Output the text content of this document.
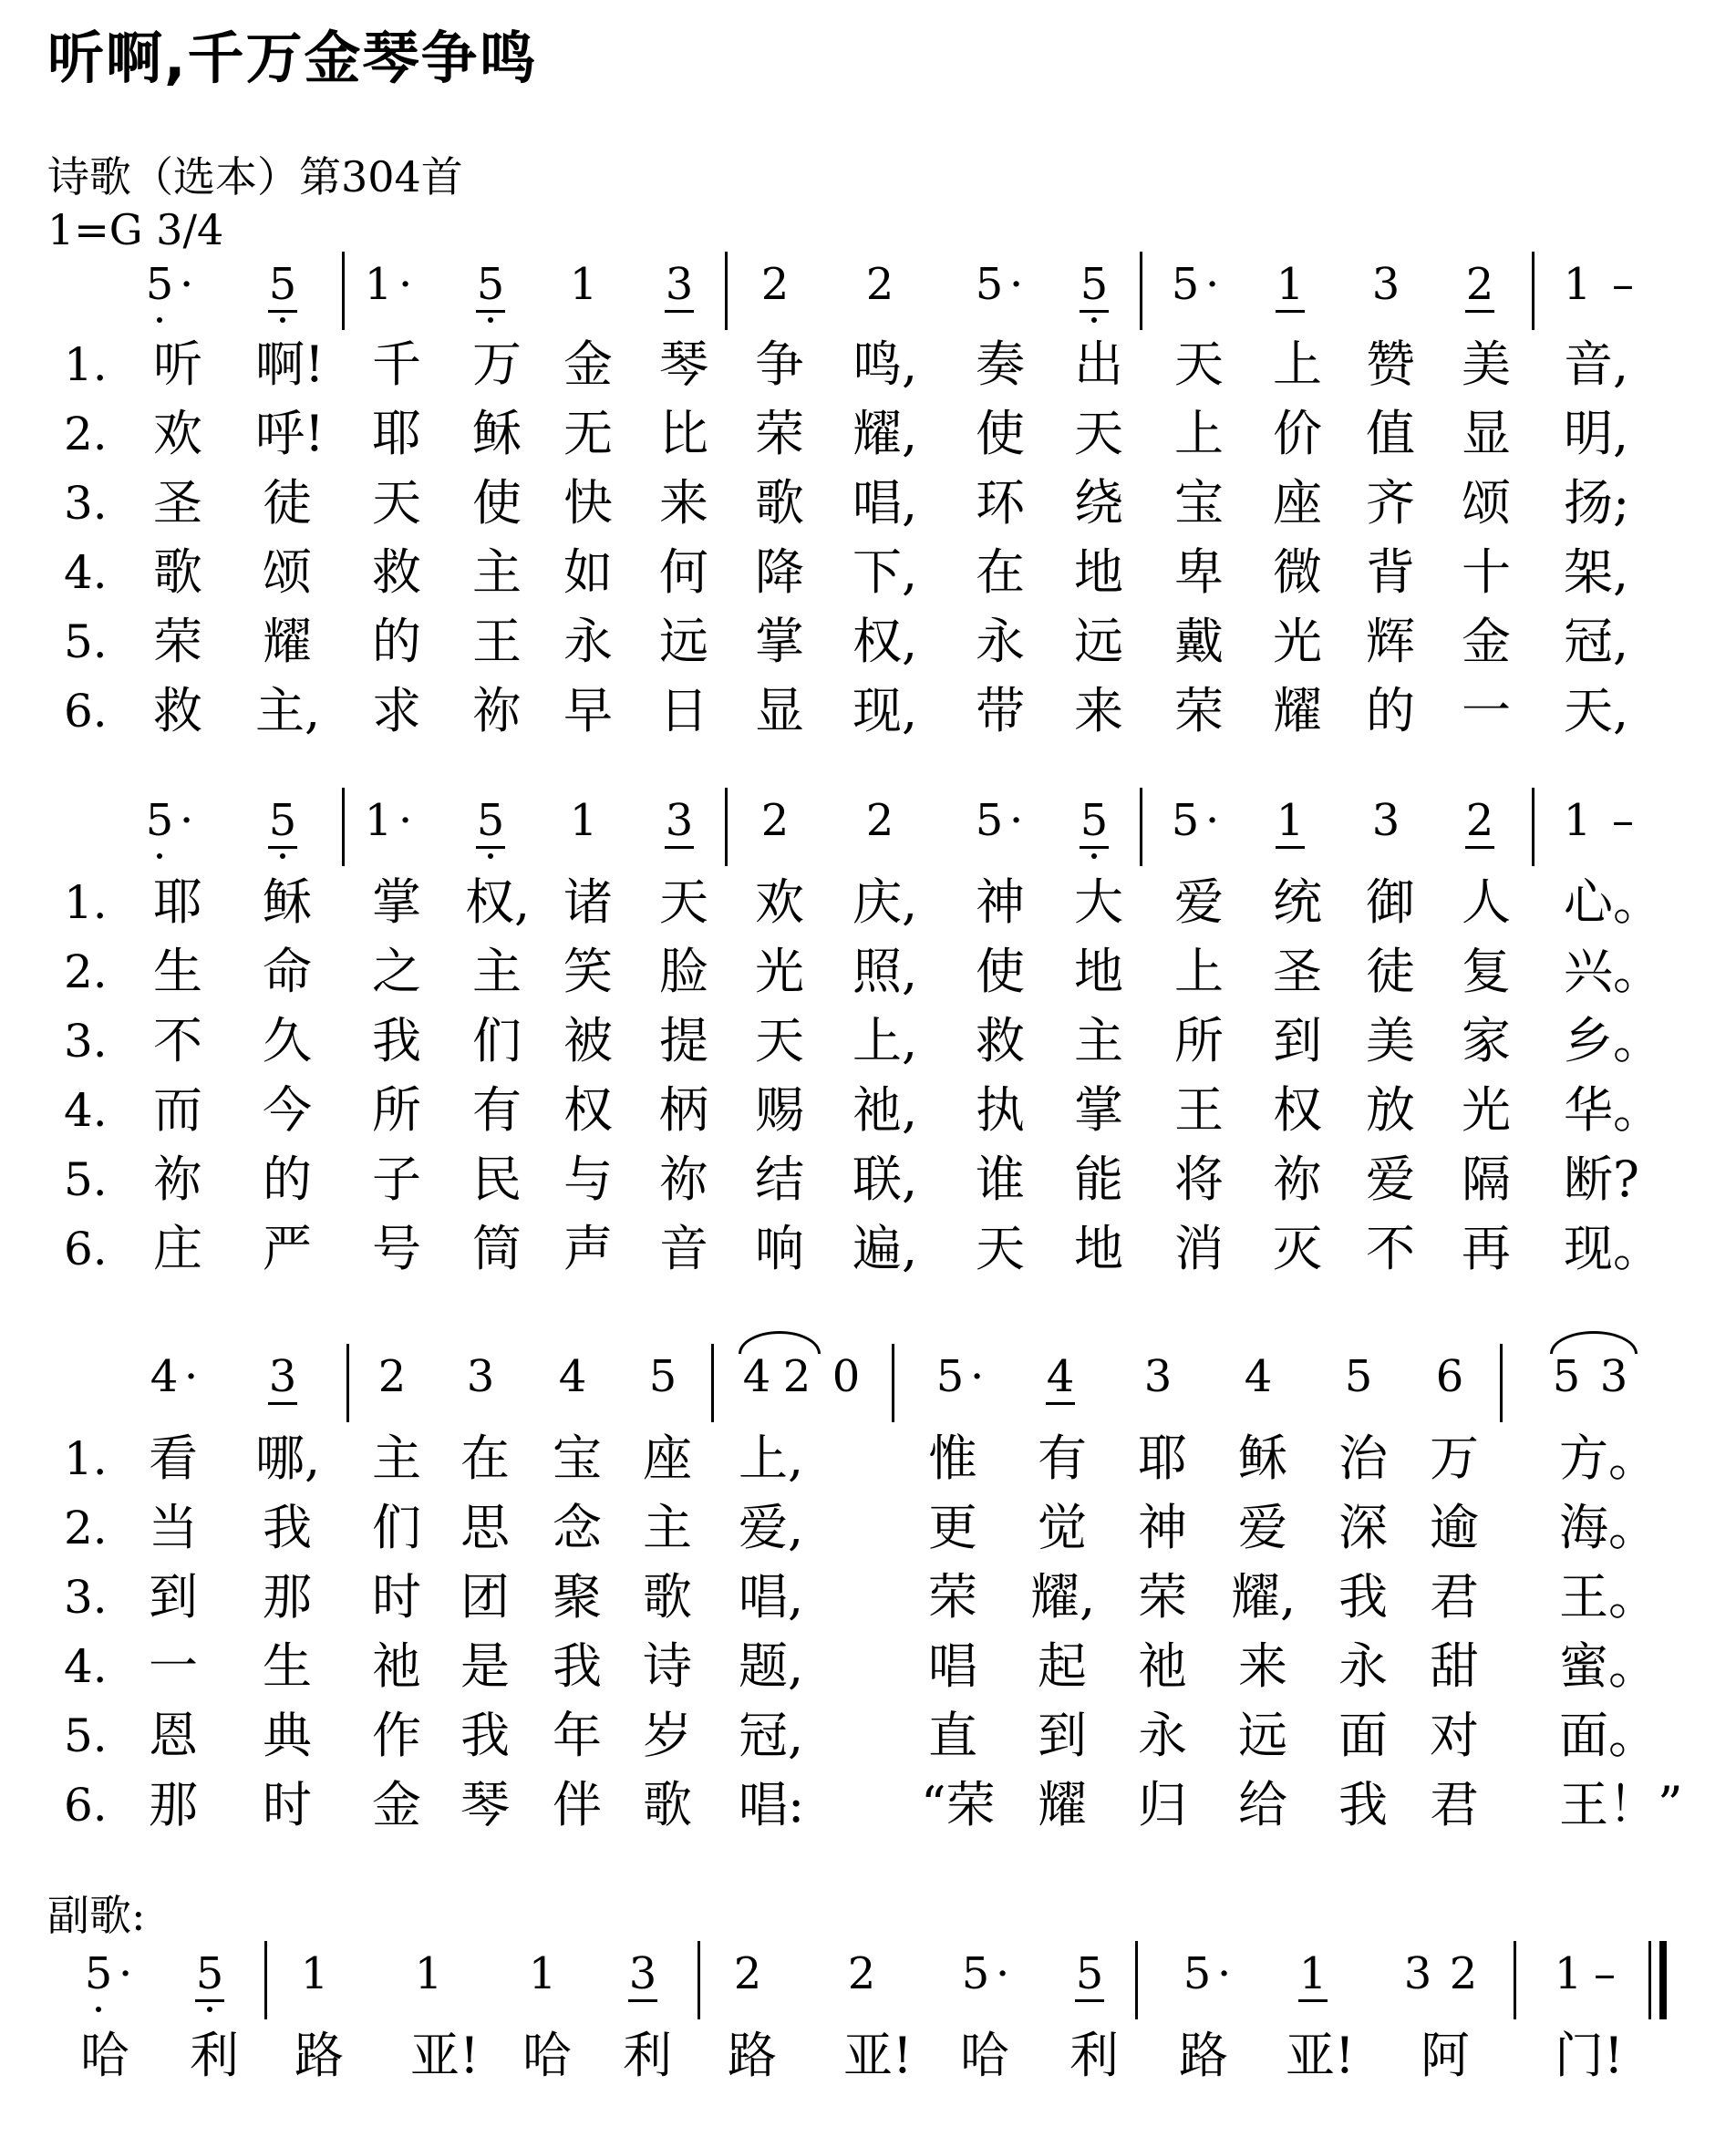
听啊,千万金琴争鸣
诗歌（选本）第304首
1=G 3/4
副歌:
5 · 5 1 · 5 1 3 2 2 5 · 5 5 · 1 3 2 1 –
1. 听 啊! 千 万 金 琴 争 鸣, 奏 出 天 上 赞 美 音,
2. 欢 呼! 耶 稣 无 比 荣 耀, 使 天 上 价 值 显 明,
3. 圣 徒 天 使 快 来 歌 唱, 环 绕 宝 座 齐 颂 扬;
4. 歌 颂 救 主 如 何 降 下, 在 地 卑 微 背 十 架,
5. 荣 耀 的 王 永 远 掌 权, 永 远 戴 光 辉 金 冠,
6. 救 主, 求 祢 早 日 显 现, 带 来 荣 耀 的 一 天,
5 · 5 1 · 5 1 3 2 2 5 · 5 5 · 1 3 2 1 –
1. 耶 稣 掌 权, 诸 天 欢 庆, 神 大 爱 统 御 人 心。
2. 生 命 之 主 笑 脸 光 照, 使 地 上 圣 徒 复 兴。
3. 不 久 我 们 被 提 天 上, 救 主 所 到 美 家 乡。
4. 而 今 所 有 权 柄 赐 祂, 执 掌 王 权 放 光 华。
5. 祢 的 子 民 与 祢 结 联, 谁 能 将 祢 爱 隔 断?
6. 庄 严 号 筒 声 音 响 遍, 天 地 消 灭 不 再 现。
4 · 3 2 3 4 5 4 2 0 5 · 4 3 4 5 6 5 3
1. 看 哪, 主 在 宝 座 上,	惟 有 耶 稣 治 万 方。
2. 当 我 们 思 念 主 爱,	更 觉 神 爱 深 逾 海。
3. 到 那 时 团 聚 歌 唱,	荣 耀, 荣 耀, 我 君 王。
4. 一 生 祂 是 我 诗 题,	唱 起 祂 来 永 甜 蜜。
5. 恩 典 作 我 年 岁 冠,	直 到 永 远 面 对 面。
6. 那 时 金 琴 伴 歌 唱: “荣 耀 归 给 我 君 王！”
5 · 5 1 1 1 3 2 2 5 · 5 5 · 1 3 2 1 –
哈 利 路 亚! 哈 利 路 亚! 哈 利 路 亚! 阿 门!
